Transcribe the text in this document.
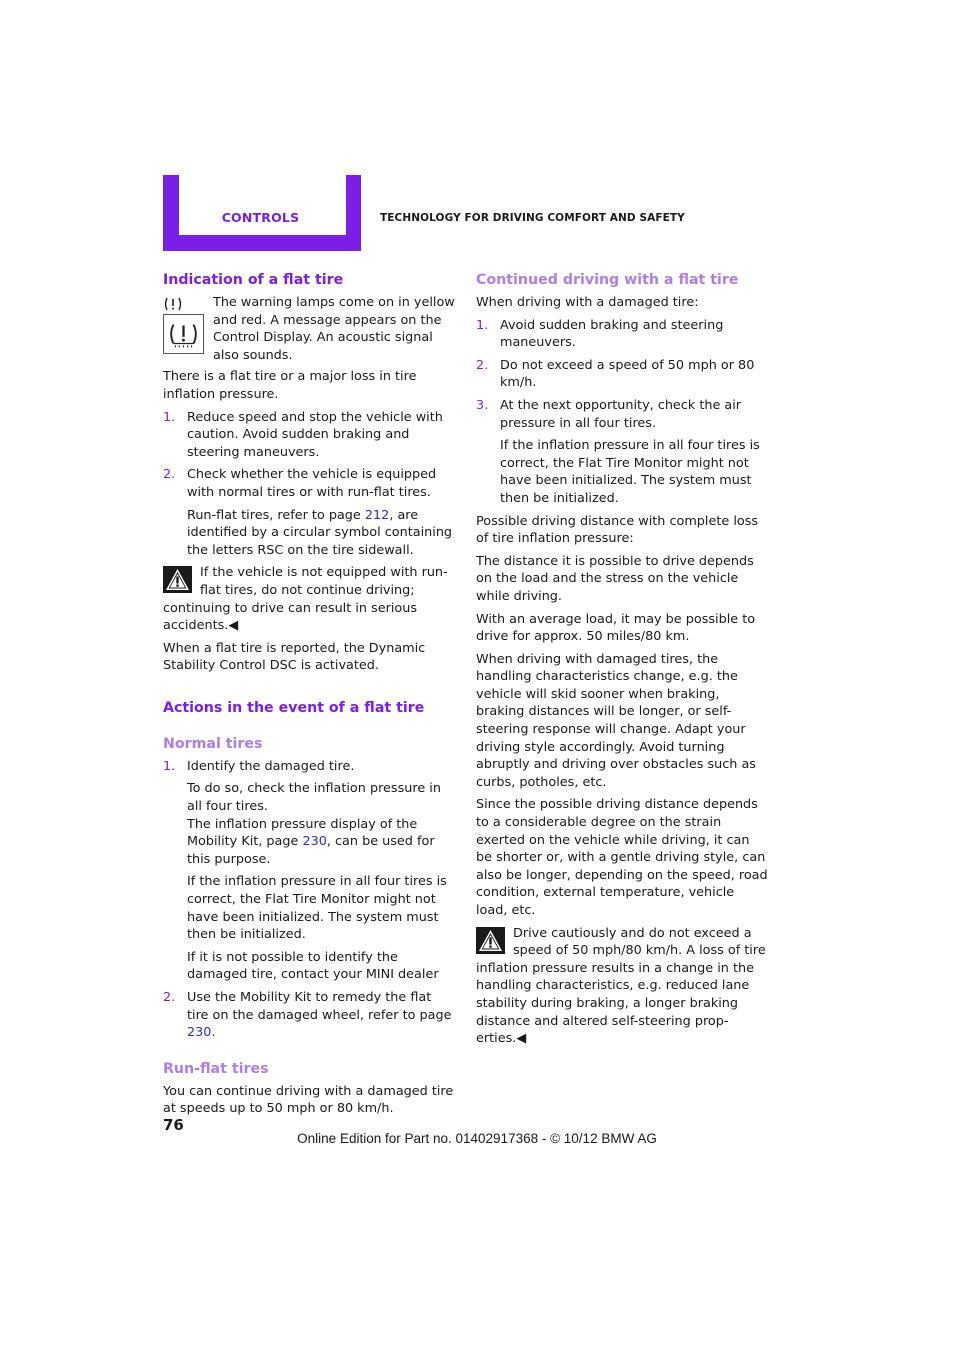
CONTROLS	TECHNOLOGY FOR DRIVING COMFORT AND SAFETY
Indication of a flat tire

The warning lamps come on in yellow and red. A message appears on the Control Display. An acoustic signal also sounds.

There is a flat tire or a major loss in tire inflation pressure.

1. Reduce speed and stop the vehicle with caution. Avoid sudden braking and steering maneuvers.
2. Check whether the vehicle is equipped with normal tires or with run-flat tires.
Run-flat tires, refer to page 212, are identified by a circular symbol containing the letters RSC on the tire sidewall.
If the vehicle is not equipped with run-flat tires, do not continue driving; continuing to drive can result in serious accidents.◀

When a flat tire is reported, the Dynamic Stability Control DSC is activated.

Actions in the event of a flat tire
Normal tires
1. Identify the damaged tire.
To do so, check the inflation pressure in all four tires.
The inflation pressure display of the Mobility Kit, page 230, can be used for this purpose.
If the inflation pressure in all four tires is correct, the Flat Tire Monitor might not have been initialized. The system must then be initialized.
If it is not possible to identify the damaged tire, contact your MINI dealer
2. Use the Mobility Kit to remedy the flat tire on the damaged wheel, refer to page 230.
Run-flat tires

You can continue driving with a damaged tire at speeds up to 50 mph or 80 km/h.

Continued driving with a flat tire

When driving with a damaged tire:

1. Avoid sudden braking and steering maneuvers.
2. Do not exceed a speed of 50 mph or 80 km/h.
3. At the next opportunity, check the air pressure in all four tires.
If the inflation pressure in all four tires is correct, the Flat Tire Monitor might not have been initialized. The system must then be initialized.

Possible driving distance with complete loss of tire inflation pressure:

The distance it is possible to drive depends on the load and the stress on the vehicle while driving.

With an average load, it may be possible to drive for approx. 50 miles/80 km.

When driving with damaged tires, the handling characteristics change, e.g. the vehicle will skid sooner when braking, braking distances will be longer, or self-steering response will change. Adapt your driving style accordingly. Avoid turning abruptly and driving over obstacles such as curbs, potholes, etc.

Since the possible driving distance depends to a considerable degree on the strain exerted on the vehicle while driving, it can be shorter or, with a gentle driving style, can also be longer, depending on the speed, road condition, external temperature, vehicle load, etc.

Drive cautiously and do not exceed a speed of 50 mph/80 km/h. A loss of tire inflation pressure results in a change in the handling characteristics, e.g. reduced lane stability during braking, a longer braking distance and altered self-steering properties.◀
76
Online Edition for Part no. 01402917368 - © 10/12 BMW AG
